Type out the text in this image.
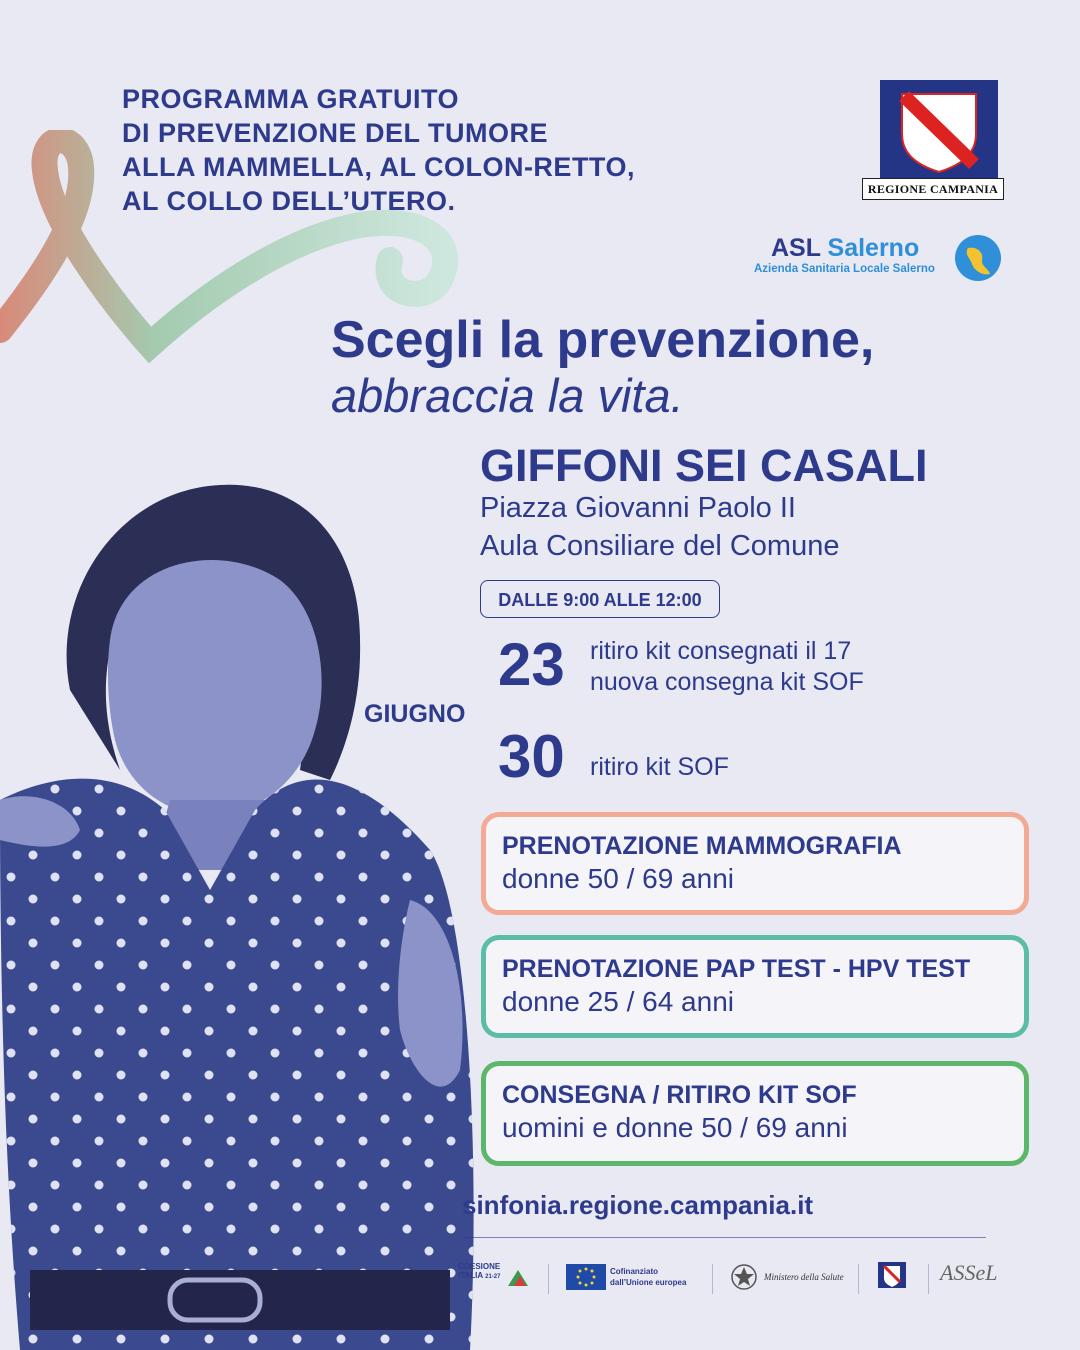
PROGRAMMA GRATUITO
DI PREVENZIONE DEL TUMORE
ALLA MAMMELLA, AL COLON-RETTO,
AL COLLO DELL’UTERO.	REGIONE CAMPANIA
ASL Salerno
Azienda Sanitaria Locale Salerno
Scegli la prevenzione,
abbraccia la vita.
GIFFONI SEI CASALI
Piazza Giovanni Paolo II
Aula Consiliare del Comune
DALLE 9:00 ALLE 12:00
GIUGNO
23 ritiro kit consegnati il 17
nuova consegna kit SOF
30 ritiro kit SOF
PRENOTAZIONE MAMMOGRAFIA
donne 50 / 69 anni
PRENOTAZIONE PAP TEST - HPV TEST
donne 25 / 64 anni
CONSEGNA / RITIRO KIT SOF
uomini e donne 50 / 69 anni
sinfonia.regione.campania.it
COESIONE
ITALIA 21-27
Cofinanziato
dall’Unione europea
Ministero della Salute	ASSeL
